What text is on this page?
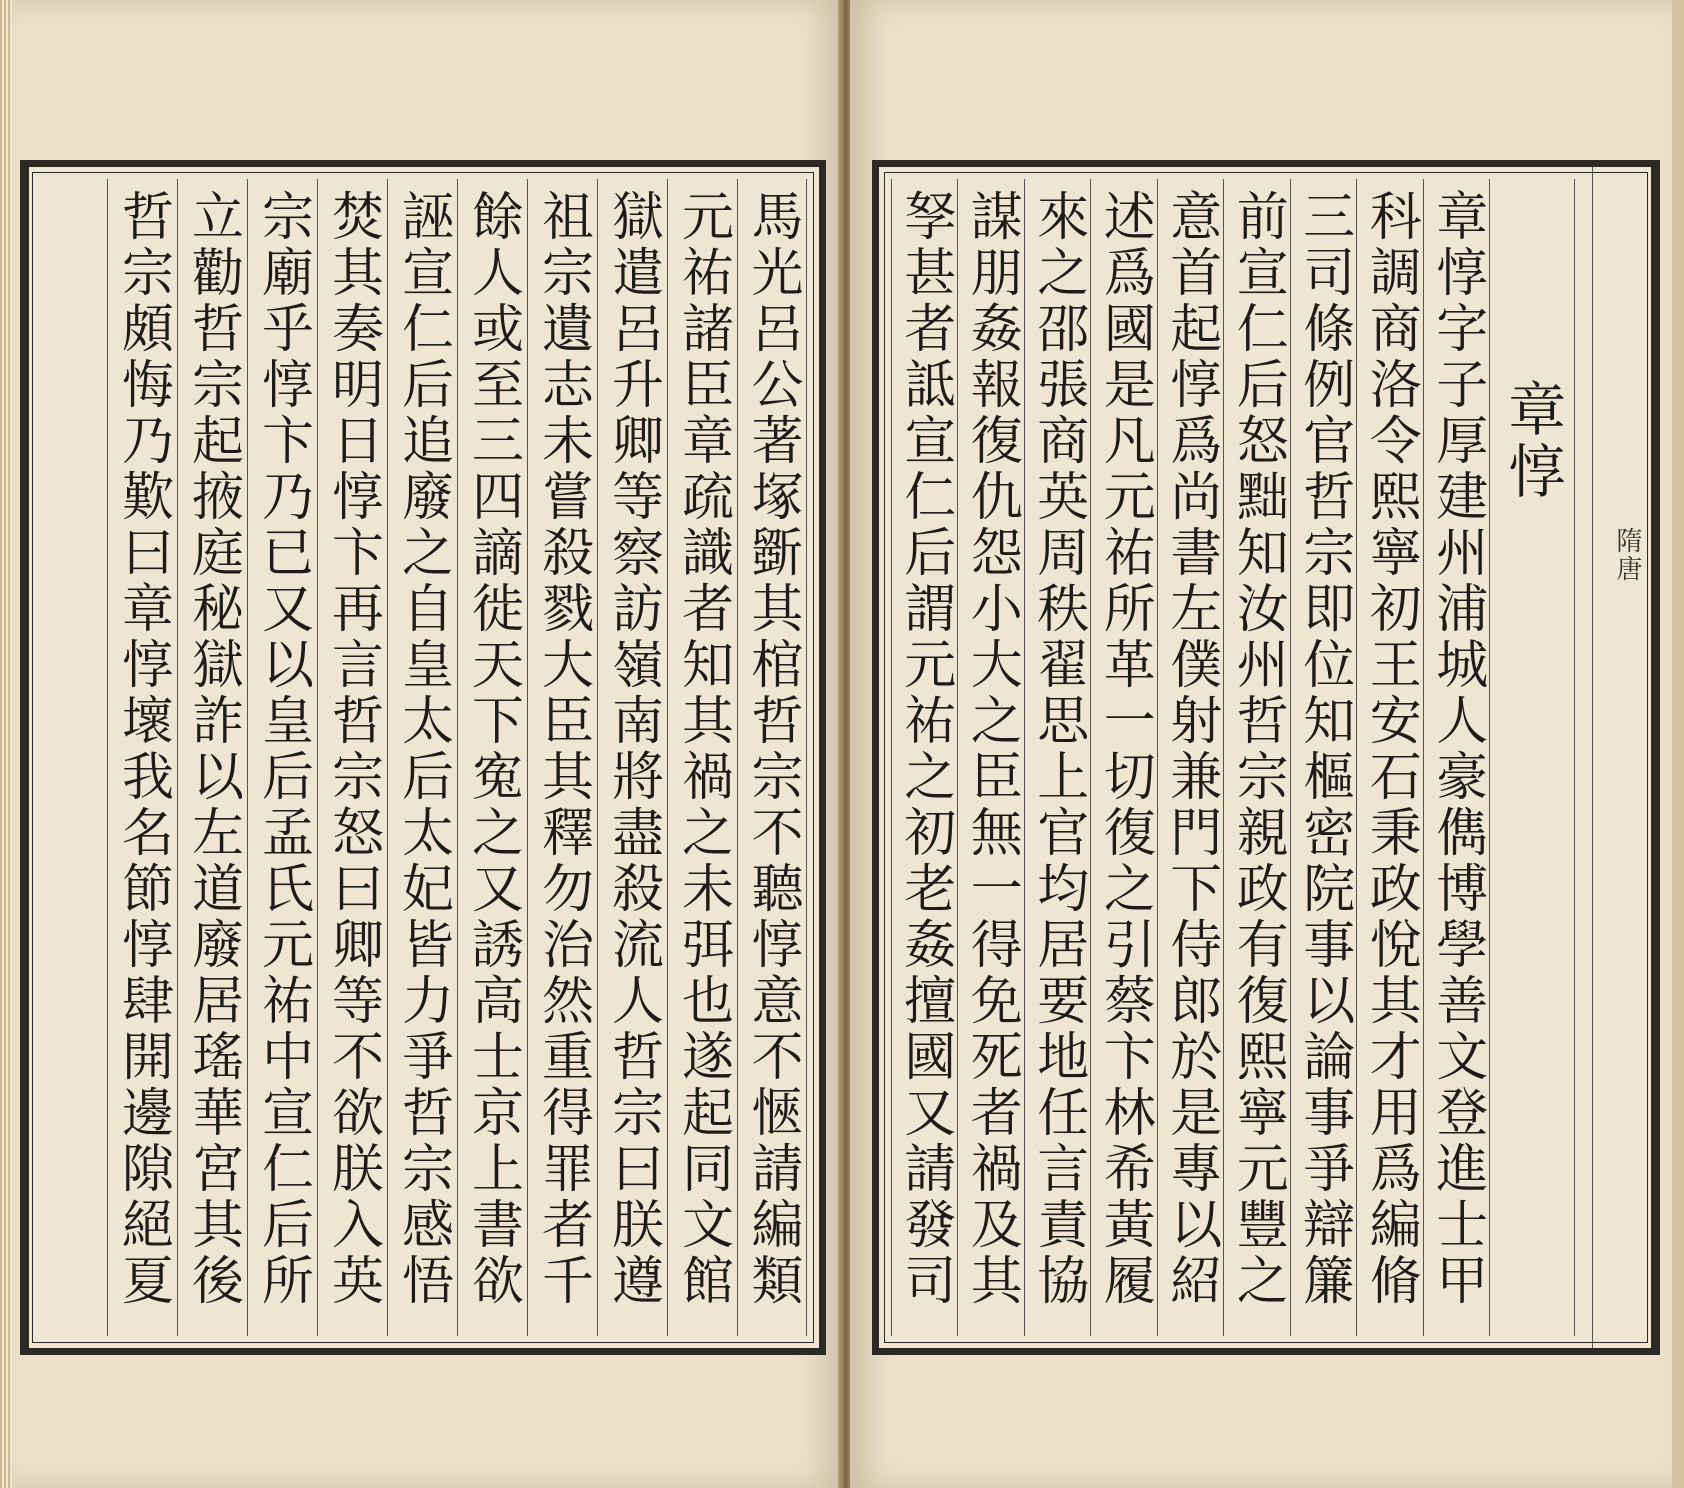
馬光呂公著塚斵其棺哲宗不聽惇意不愜請編類
元祐諸臣章疏識者知其禍之未弭也遂起同文館
獄遣呂升卿等察訪嶺南將盡殺流人哲宗曰朕遵
祖宗遺志未嘗殺戮大臣其釋勿治然重得罪者千
餘人或至三四謫徙天下寃之又誘高士京上書欲
誣宣仁后追廢之自皇太后太妃皆力爭哲宗感悟
焚其奏明日惇卞再言哲宗怒曰卿等不欲朕入英
宗廟乎惇卞乃已又以皇后孟氏元祐中宣仁后所
立勸哲宗起掖庭秘獄詐以左道廢居瑤華宮其後
哲宗頗悔乃歎曰章惇壞我名節惇肆開邊隙絕夏	章惇
章惇字子厚建州浦城人豪儁博學善文登進士甲
科調商洛令熙寧初王安石秉政悅其才用爲編脩
三司條例官哲宗即位知樞密院事以論事爭辯簾
前宣仁后怒黜知汝州哲宗親政有復熙寧元豐之
意首起惇爲尚書左僕射兼門下侍郎於是專以紹
述爲國是凡元祐所革一切復之引蔡卞林希黃履
來之邵張商英周秩翟思上官均居要地任言責協
謀朋姦報復仇怨小大之臣無一得免死者禍及其
孥甚者詆宣仁后謂元祐之初老姦擅國又請發司	隋唐
